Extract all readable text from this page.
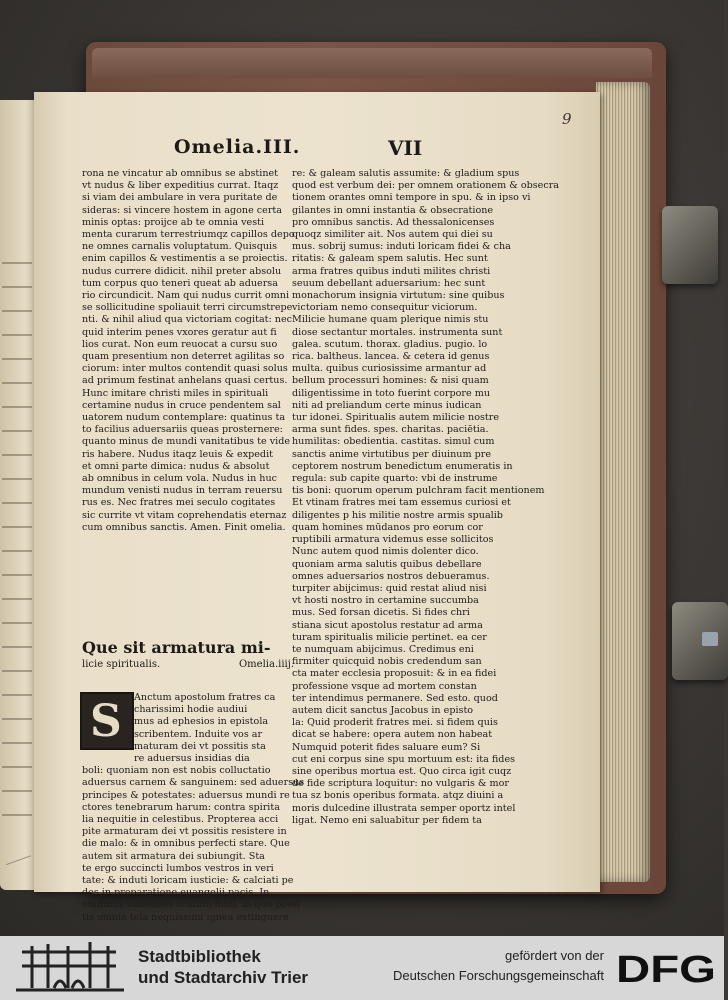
9
Omelia.III.	VII

rona ne vincatur ab omnibus se abstinet

vt nudus & liber expeditius currat. Itaqz

si viam dei ambulare in vera puritate de

sideras: si vincere hostem in agone certa

minis optas: proijce ab te omnia vesti

menta curarum terrestriumqz capillos depo

ne omnes carnalis voluptatum. Quisquis

enim capillos & vestimentis a se proiectis.

nudus currere didicit. nihil preter absolu

tum corpus quo teneri queat ab aduersa

rio circundicit. Nam qui nudus currit omni

se sollicitudine spoliauit terri circumstrepe

nti. & nihil aliud qua victoriam cogitat: nec

quid interim penes vxores geratur aut fi

lios curat. Non eum reuocat a cursu suo

quam presentium non deterret agilitas so

ciorum: inter multos contendit quasi solus

ad primum festinat anhelans quasi certus.

Hunc imitare christi miles in spirituali

certamine nudus in cruce pendentem sal

uatorem nudum contemplare: quatinus ta

to facilius aduersariis queas prosternere:

quanto minus de mundi vanitatibus te vide

ris habere. Nudus itaqz leuis & expedit

et omni parte dimica: nudus & absolut

ab omnibus in celum vola. Nudus in huc

mundum venisti nudus in terram reuersu

rus es. Nec fratres mei seculo cogitates

sic currite vt vitam coprehendatis eternaz

cum omnibus sanctis. Amen. Finit omelia.

S
Que sit armatura mi-
licie spiritualis.	Omelia.iiij.

Anctum apostolum fratres ca

charissimi hodie audiui

mus ad ephesios in epistola

scribentem. Induite vos ar

maturam dei vt possitis sta

re aduersus insidias dia

boli: quoniam non est nobis colluctatio

aduersus carnem & sanguinem: sed aduersus

principes & potestates: aduersus mundi re

ctores tenebrarum harum: contra spirita

lia nequitie in celestibus. Propterea acci

pite armaturam dei vt possitis resistere in

die malo: & in omnibus perfecti stare. Que

autem sit armatura dei subiungit. Sta

te ergo succincti lumbos vestros in veri

tate: & induti loricam iusticie: & calciati pe

des in preparatione euangelij pacis. In

omnibus sumentes scutum fidei. in quo possi

tis omnia tela nequissimi ignea extinguere

re: & galeam salutis assumite: & gladium spus

quod est verbum dei: per omnem orationem & obsecra

tionem orantes omni tempore in spu. & in ipso vi

gilantes in omni instantia & obsecratione

pro omnibus sanctis. Ad thessalonicenses

quoqz similiter ait. Nos autem qui diei su

mus. sobrij sumus: induti loricam fidei & cha

ritatis: & galeam spem salutis. Hec sunt

arma fratres quibus induti milites christi

seuum debellant aduersarium: hec sunt

monachorum insignia virtutum: sine quibus

victoriam nemo consequitur viciorum.

Milicie humane quam plerique nimis stu

diose sectantur mortales. instrumenta sunt

galea. scutum. thorax. gladius. pugio. lo

rica. baltheus. lancea. & cetera id genus

multa. quibus curiosissime armantur ad

bellum processuri homines: & nisi quam

diligentissime in toto fuerint corpore mu

niti ad preliandum certe minus iudican

tur idonei. Spiritualis autem milicie nostre

arma sunt fides. spes. charitas. paciētia.

humilitas: obedientia. castitas. simul cum

sanctis anime virtutibus per diuinum pre

ceptorem nostrum benedictum enumeratis in

regula: sub capite quarto: vbi de instrume

tis boni: quorum operum pulchram facit mentionem

Et vtinam fratres mei tam essemus curiosi et

diligentes p his militie nostre armis spualib

quam homines mūdanos pro eorum cor

ruptibili armatura videmus esse sollicitos

Nunc autem quod nimis dolenter dico.

quoniam arma salutis quibus debellare

omnes aduersarios nostros debueramus.

turpiter abijcimus: quid restat aliud nisi

vt hosti nostro in certamine succumba

mus. Sed forsan dicetis. Si fides chri

stiana sicut apostolus restatur ad arma

turam spiritualis milicie pertinet. ea cer

te numquam abijcimus. Credimus eni

firmiter quicquid nobis credendum san

cta mater ecclesia proposuit: & in ea fidei

professione vsque ad mortem constan

ter intendimus permanere. Sed esto. quod

autem dicit sanctus Jacobus in episto

la: Quid proderit fratres mei. si fidem quis

dicat se habere: opera autem non habeat

Numquid poterit fides saluare eum? Si

cut eni corpus sine spu mortuum est: ita fides

sine operibus mortua est. Quo circa igit cuqz

de fide scriptura loquitur: no vulgaris & mor

tua sz bonis operibus formata. atqz diuini a

moris dulcedine illustrata semper oportz intel

ligat. Nemo eni saluabitur per fidem ta

Stadtbibliothek
und Stadtarchiv Trier
gefördert von der
Deutschen Forschungsgemeinschaft DFG
